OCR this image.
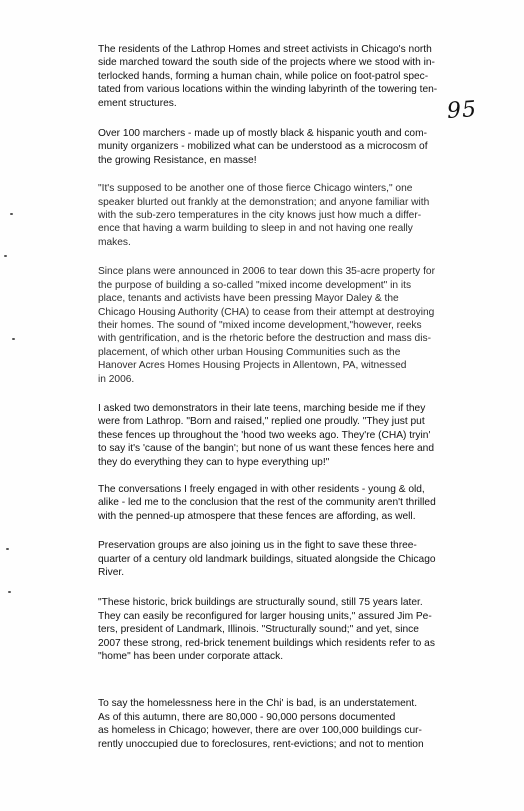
95
The residents of the Lathrop Homes and street activists in Chicago's north
side marched toward the south side of the projects where we stood with in-
terlocked hands, forming a human chain, while police on foot-patrol spec-
tated from various locations within the winding labyrinth of the towering ten-
ement structures.
Over 100 marchers - made up of mostly black & hispanic youth and com-
munity organizers - mobilized what can be understood as a microcosm of
the growing Resistance, en masse!
"It's supposed to be another one of those fierce Chicago winters," one
speaker blurted out frankly at the demonstration; and anyone familiar with
with the sub-zero temperatures in the city knows just how much a differ-
ence that having a warm building to sleep in and not having one really
makes.
Since plans were announced in 2006 to tear down this 35-acre property for
the purpose of building a so-called "mixed income development" in its
place, tenants and activists have been pressing Mayor Daley & the
Chicago Housing Authority (CHA) to cease from their attempt at destroying
their homes. The sound of "mixed income development,"however, reeks
with gentrification, and is the rhetoric before the destruction and mass dis-
placement, of which other urban Housing Communities such as the
Hanover Acres Homes Housing Projects in Allentown, PA, witnessed
in 2006.
I asked two demonstrators in their late teens, marching beside me if they
were from Lathrop. "Born and raised," replied one proudly. "They just put
these fences up throughout the 'hood two weeks ago. They're (CHA) tryin'
to say it's 'cause of the bangin'; but none of us want these fences here and
they do everything they can to hype everything up!"
The conversations I freely engaged in with other residents - young & old,
alike - led me to the conclusion that the rest of the community aren't thrilled
with the penned-up atmospere that these fences are affording, as well.
Preservation groups are also joining us in the fight to save these three-
quarter of a century old landmark buildings, situated alongside the Chicago
River.
"These historic, brick buildings are structurally sound, still 75 years later.
They can easily be reconfigured for larger housing units," assured Jim Pe-
ters, president of Landmark, Illinois. "Structurally sound;" and yet, since
2007 these strong, red-brick tenement buildings which residents refer to as
"home" has been under corporate attack.
To say the homelessness here in the Chi' is bad, is an understatement.
As of this autumn, there are 80,000 - 90,000 persons documented
as homeless in Chicago; however, there are over 100,000 buildings cur-
rently unoccupied due to foreclosures, rent-evictions; and not to mention
